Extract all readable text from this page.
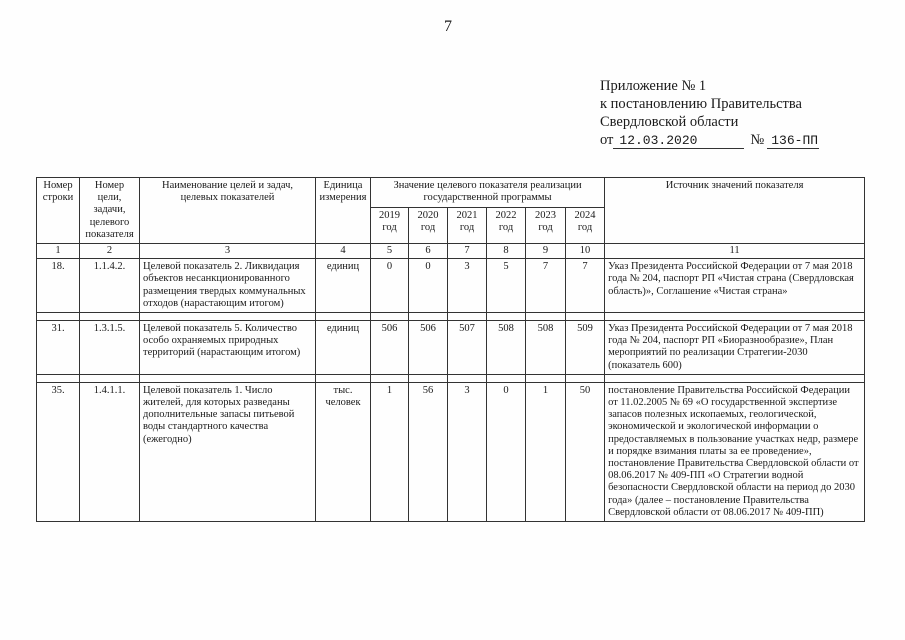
7
Приложение № 1
к постановлению Правительства
Свердловской области
от 12.03.2020	№ 136-ПП
Номер строки	Номер цели, задачи, целевого показателя	Наименование целей и задач, целевых показателей	Единица измерения	Значение целевого показателя реализации государственной программы						Источник значений показателя
				2019 год	2020 год	2021 год	2022 год	2023 год	2024 год	
1	2	3	4	5	6	7	8	9	10	11
18.	1.1.4.2.	Целевой показатель 2. Ликвидация объектов несанкционированного размещения твердых коммунальных отходов (нарастающим итогом)	единиц	0	0	3	5	7	7	Указ Президента Российской Федерации от 7 мая 2018 года № 204, паспорт РП «Чистая страна (Свердловская область)», Соглашение «Чистая страна»

31.	1.3.1.5.	Целевой показатель 5. Количество особо охраняемых природных территорий (нарастающим итогом)	единиц	506	506	507	508	508	509	Указ Президента Российской Федерации от 7 мая 2018 года № 204, паспорт РП «Биоразнообразие», План мероприятий по реализации Стратегии-2030 (показатель 600)

35.	1.4.1.1.	Целевой показатель 1. Число жителей, для которых разведаны дополнительные запасы питьевой воды стандартного качества (ежегодно)	тыс. человек	1	56	3	0	1	50	постановление Правительства Российской Федерации от 11.02.2005 № 69 «О государственной экспертизе запасов полезных ископаемых, геологической, экономической и экологической информации о предоставляемых в пользование участках недр, размере и порядке взимания платы за ее проведение», постановление Правительства Свердловской области от 08.06.2017 № 409-ПП «О Стратегии водной безопасности Свердловской области на период до 2030 года» (далее – постановление Правительства Свердловской области от 08.06.2017 № 409-ПП)
